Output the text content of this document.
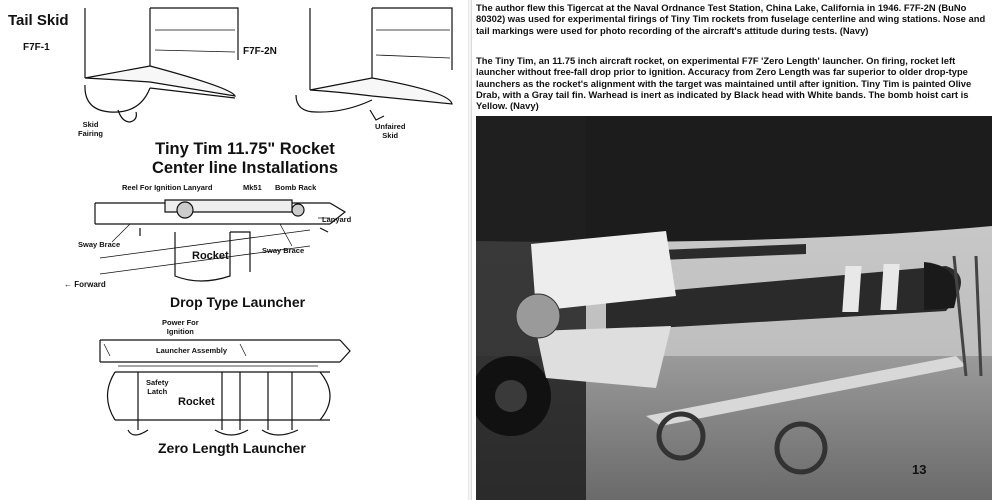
Tail Skid
F7F-1	F7F-2N
Skid
Fairing
Unfaired
Skid
Tiny Tim 11.75" Rocket
Center line Installations
Reel For Ignition Lanyard	Mk51 Bomb Rack
Lanyard
Sway Brace
Rocket	Sway Brace
← Forward
Drop Type Launcher
Power For
Ignition
Launcher Assembly
Safety
Latch
Rocket
Zero Length Launcher

The author flew this Tigercat at the Naval Ordnance Test Station, China Lake, California in 1946. F7F-2N (BuNo 80302) was used for experimental firings of Tiny Tim rockets from fuselage centerline and wing stations. Nose and tail markings were used for photo recording of the aircraft's attitude during tests. (Navy)

The Tiny Tim, an 11.75 inch aircraft rocket, on experimental F7F 'Zero Length' launcher. On firing, rocket left launcher without free-fall drop prior to ignition. Accuracy from Zero Length was far superior to older drop-type launchers as the rocket's alignment with the target was maintained until after ignition. Tiny Tim is painted Olive Drab, with a Gray tail fin. Warhead is inert as indicated by Black head with White bands. The bomb hoist cart is Yellow. (Navy)

13
